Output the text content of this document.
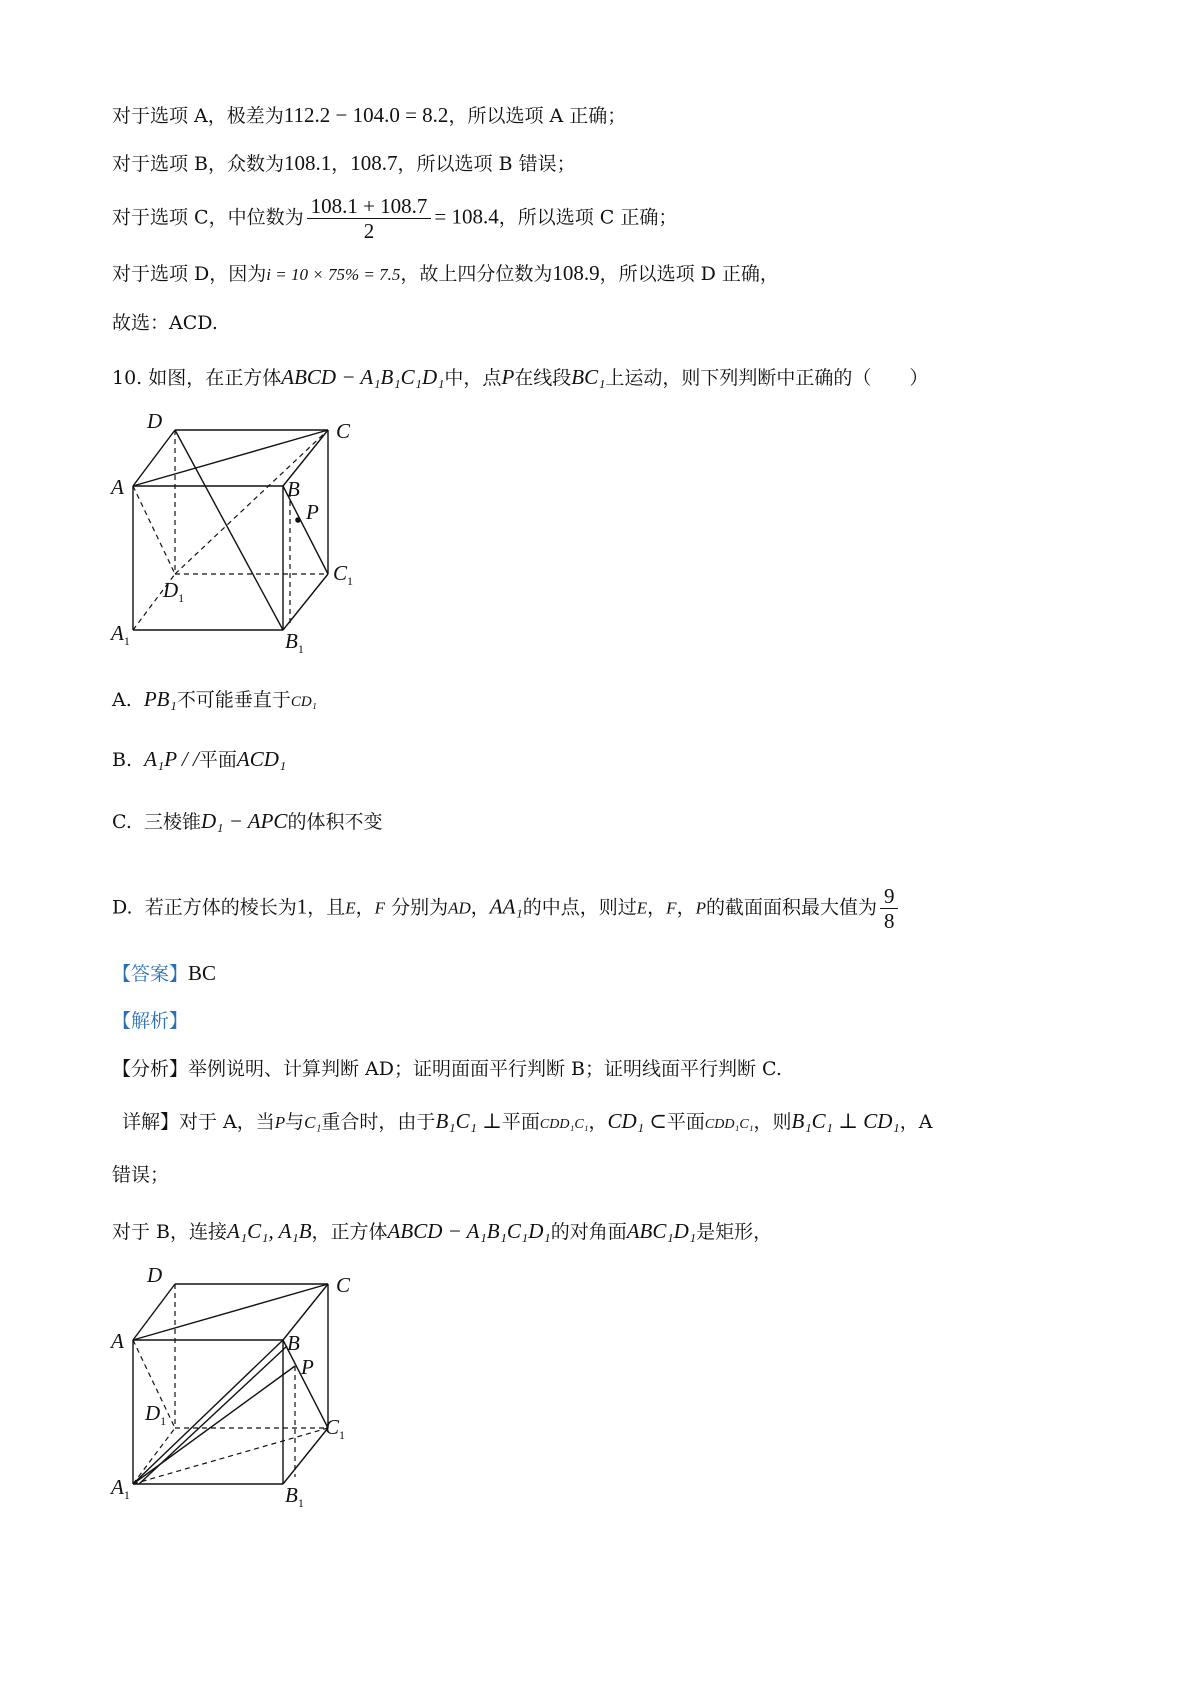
对于选项 A，极差为112.2 − 104.0 = 8.2，所以选项 A 正确；
对于选项 B，众数为108.1，108.7，所以选项 B 错误；
对于选项 C，中位数为 $\frac{108.1 + 108.7}{2} = 108.4$，所以选项 C 正确；
对于选项 D，因为i = 10 × 75% = 7.5，故上四分位数为108.9，所以选项 D 正确，
故选：ACD.
10. 如图，在正方体ABCD − A₁B₁C₁D₁中，点P在线段BC₁上运动，则下列判断中正确的（　　）
D	C
A	B
P
$D_1$
$C_1$
$A_1$	$B_1$
A. PB₁不可能垂直于CD₁
B. A₁P / /平面ACD₁
C. 三棱锥D₁ − APC的体积不变
D. 若正方体的棱长为1，且E，F 分别为AD，AA₁的中点，则过E，F，P的截面面积最大值为 $\frac{9}{8}$
【答案】BC
【解析】
【分析】举例说明、计算判断 AD；证明面面平行判断 B；证明线面平行判断 C.
详解】对于 A，当P与C₁重合时，由于B₁C₁ ⊥平面CDD₁C₁，CD₁ ⊂平面CDD₁C₁，则B₁C₁ ⊥ CD₁，A
错误；
对于 B，连接A₁C₁, A₁B，正方体ABCD − A₁B₁C₁D₁的对角面ABC₁D₁是矩形，
D	C
A	B
P
$D_1$	$C_1$
$A_1$	$B_1$
